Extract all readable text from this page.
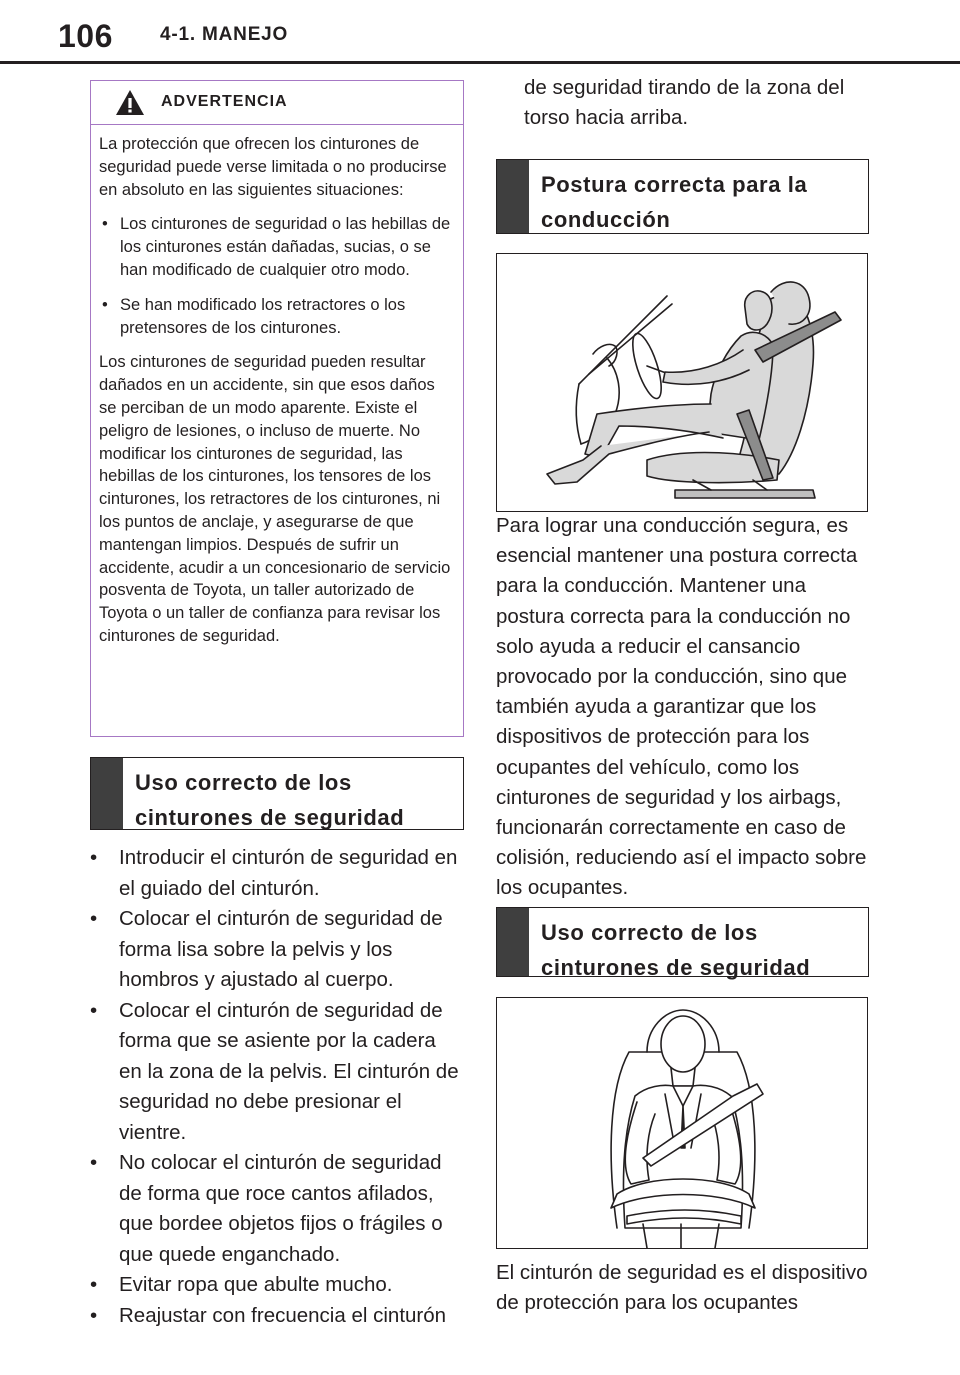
106 4-1. MANEJO
ADVERTENCIA

La protección que ofrecen los cinturones de seguridad puede verse limitada o no producirse en absoluto en las siguientes situaciones:

• Los cinturones de seguridad o las hebillas de los cinturones están dañadas, sucias, o se han modificado de cualquier otro modo.
• Se han modificado los retractores o los pretensores de los cinturones.

Los cinturones de seguridad pueden resultar dañados en un accidente, sin que esos daños se perciban de un modo aparente. Existe el peligro de lesiones, o incluso de muerte. No modificar los cinturones de seguridad, las hebillas de los cinturones, los tensores de los cinturones, los retractores de los cinturones, ni los puntos de anclaje, y asegurarse de que mantengan limpios. Después de sufrir un accidente, acudir a un concesionario de servicio posventa de Toyota, un taller autorizado de Toyota o un taller de confianza para revisar los cinturones de seguridad.

Uso correcto de los cinturones de seguridad
• Introducir el cinturón de seguridad en el guiado del cinturón.
• Colocar el cinturón de seguridad de forma lisa sobre la pelvis y los hombros y ajustado al cuerpo.
• Colocar el cinturón de seguridad de forma que se asiente por la cadera en la zona de la pelvis. El cinturón de seguridad no debe presionar el vientre.
• No colocar el cinturón de seguridad de forma que roce cantos afilados, que bordee objetos fijos o frágiles o que quede enganchado.
• Evitar ropa que abulte mucho.
• Reajustar con frecuencia el cinturón
de seguridad tirando de la zona del torso hacia arriba.
Postura correcta para la conducción
Para lograr una conducción segura, es esencial mantener una postura correcta para la conducción. Mantener una postura correcta para la conducción no solo ayuda a reducir el cansancio provocado por la conducción, sino que también ayuda a garantizar que los dispositivos de protección para los ocupantes del vehículo, como los cinturones de seguridad y los airbags, funcionarán correctamente en caso de colisión, reduciendo así el impacto sobre los ocupantes.
Uso correcto de los cinturones de seguridad
El cinturón de seguridad es el dispositivo de protección para los ocupantes
